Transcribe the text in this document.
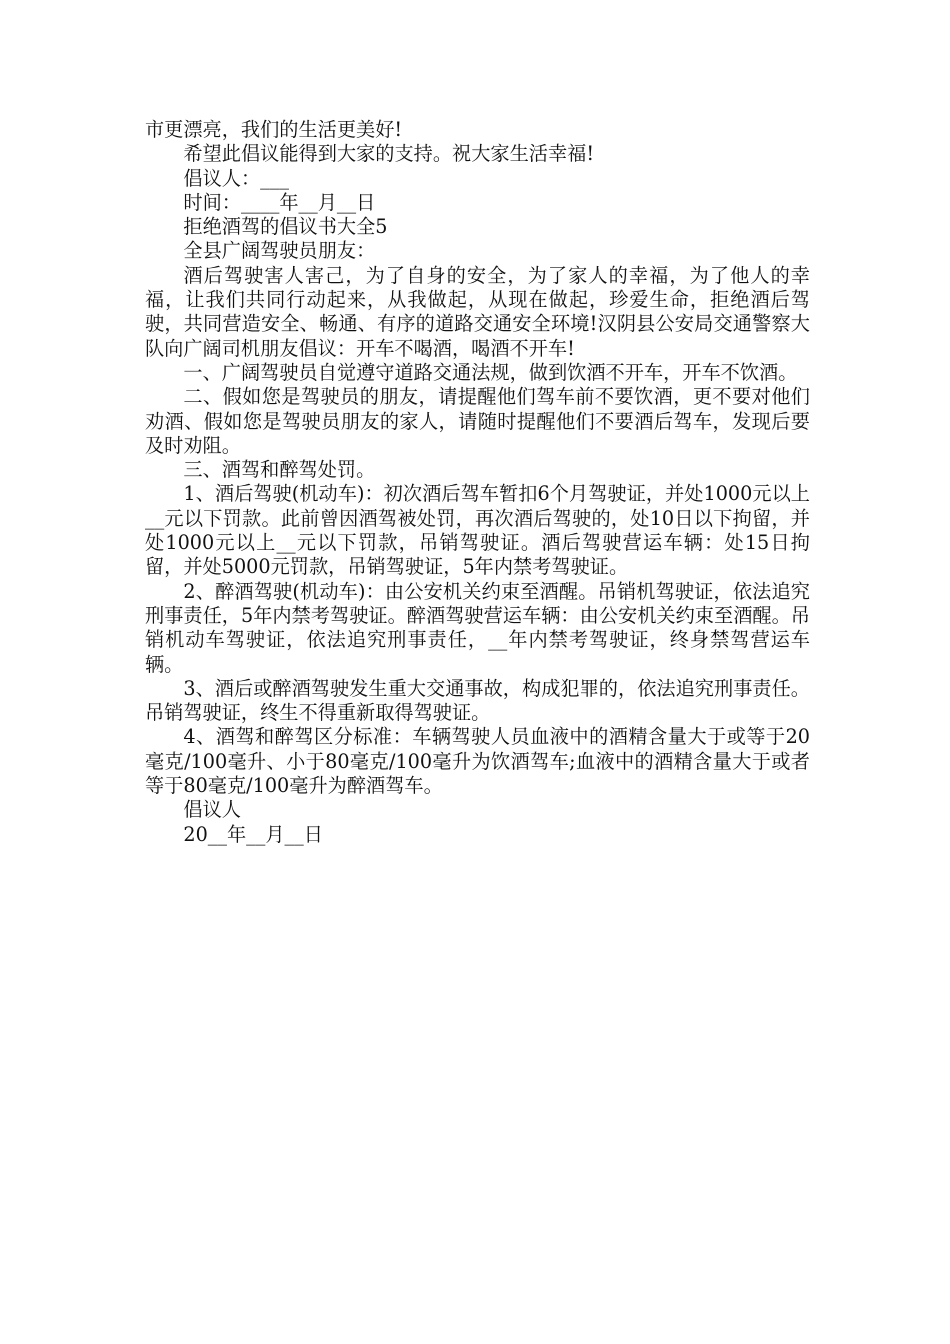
市更漂亮，我们的生活更美好!

希望此倡议能得到大家的支持。祝大家生活幸福!

倡议人：___

时间：____年__月__日

拒绝酒驾的倡议书大全5

全县广阔驾驶员朋友：

酒后驾驶害人害己，为了自身的安全，为了家人的幸福，为了他人的幸福，让我们共同行动起来，从我做起，从现在做起，珍爱生命，拒绝酒后驾驶，共同营造安全、畅通、有序的道路交通安全环境!汉阴县公安局交通警察大队向广阔司机朋友倡议：开车不喝酒，喝酒不开车!

一、广阔驾驶员自觉遵守道路交通法规，做到饮酒不开车，开车不饮酒。

二、假如您是驾驶员的朋友，请提醒他们驾车前不要饮酒，更不要对他们劝酒、假如您是驾驶员朋友的家人，请随时提醒他们不要酒后驾车，发现后要及时劝阻。

三、酒驾和醉驾处罚。

1、酒后驾驶(机动车)：初次酒后驾车暂扣6个月驾驶证，并处1000元以上__元以下罚款。此前曾因酒驾被处罚，再次酒后驾驶的，处10日以下拘留，并处1000元以上__元以下罚款，吊销驾驶证。酒后驾驶营运车辆：处15日拘留，并处5000元罚款，吊销驾驶证，5年内禁考驾驶证。

2、醉酒驾驶(机动车)：由公安机关约束至酒醒。吊销机驾驶证，依法追究刑事责任，5年内禁考驾驶证。醉酒驾驶营运车辆：由公安机关约束至酒醒。吊销机动车驾驶证，依法追究刑事责任，__年内禁考驾驶证，终身禁驾营运车辆。

3、酒后或醉酒驾驶发生重大交通事故，构成犯罪的，依法追究刑事责任。吊销驾驶证，终生不得重新取得驾驶证。

4、酒驾和醉驾区分标准：车辆驾驶人员血液中的酒精含量大于或等于20毫克/100毫升、小于80毫克/100毫升为饮酒驾车;血液中的酒精含量大于或者等于80毫克/100毫升为醉酒驾车。

倡议人

20__年__月__日
